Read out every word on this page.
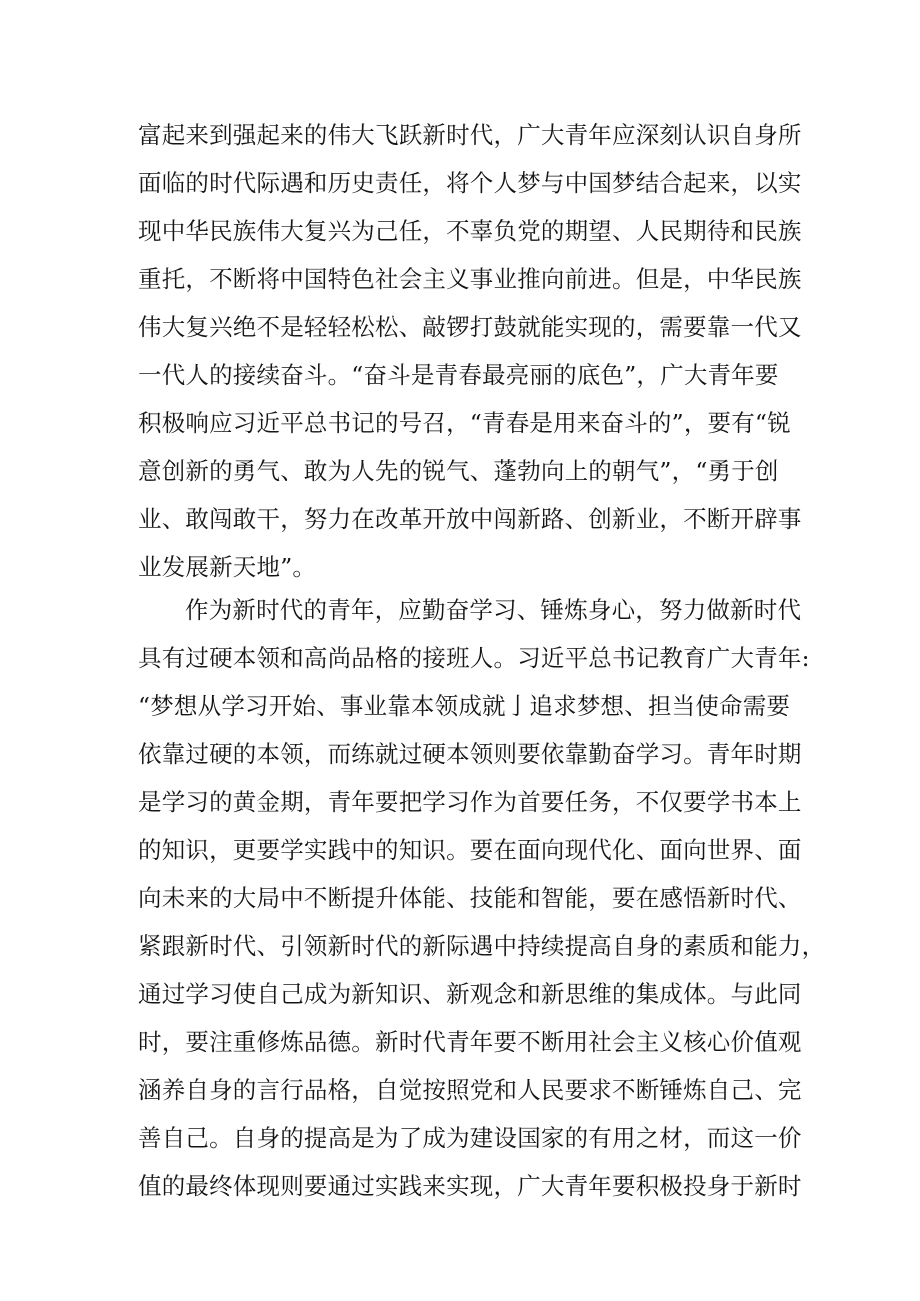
富起来到强起来的伟大飞跃新时代，广大青年应深刻认识自身所
面临的时代际遇和历史责任，将个人梦与中国梦结合起来，以实
现中华民族伟大复兴为己任，不辜负党的期望、人民期待和民族
重托，不断将中国特色社会主义事业推向前进。但是，中华民族
伟大复兴绝不是轻轻松松、敲锣打鼓就能实现的，需要靠一代又
一代人的接续奋斗。“奋斗是青春最亮丽的底色”，广大青年要
积极响应习近平总书记的号召，“青春是用来奋斗的”，要有“锐
意创新的勇气、敢为人先的锐气、蓬勃向上的朝气”，“勇于创
业、敢闯敢干，努力在改革开放中闯新路、创新业，不断开辟事
业发展新天地”。

作为新时代的青年，应勤奋学习、锤炼身心，努力做新时代
具有过硬本领和高尚品格的接班人。习近平总书记教育广大青年:
“梦想从学习开始、事业靠本领成就亅追求梦想、担当使命需要
依靠过硬的本领，而练就过硬本领则要依靠勤奋学习。青年时期
是学习的黄金期，青年要把学习作为首要任务，不仅要学书本上
的知识，更要学实践中的知识。要在面向现代化、面向世界、面
向未来的大局中不断提升体能、技能和智能，要在感悟新时代、
紧跟新时代、引领新时代的新际遇中持续提高自身的素质和能力，
通过学习使自己成为新知识、新观念和新思维的集成体。与此同
时，要注重修炼品德。新时代青年要不断用社会主义核心价值观
涵养自身的言行品格，自觉按照党和人民要求不断锤炼自己、完
善自己。自身的提高是为了成为建设国家的有用之材，而这一价
值的最终体现则要通过实践来实现，广大青年要积极投身于新时
